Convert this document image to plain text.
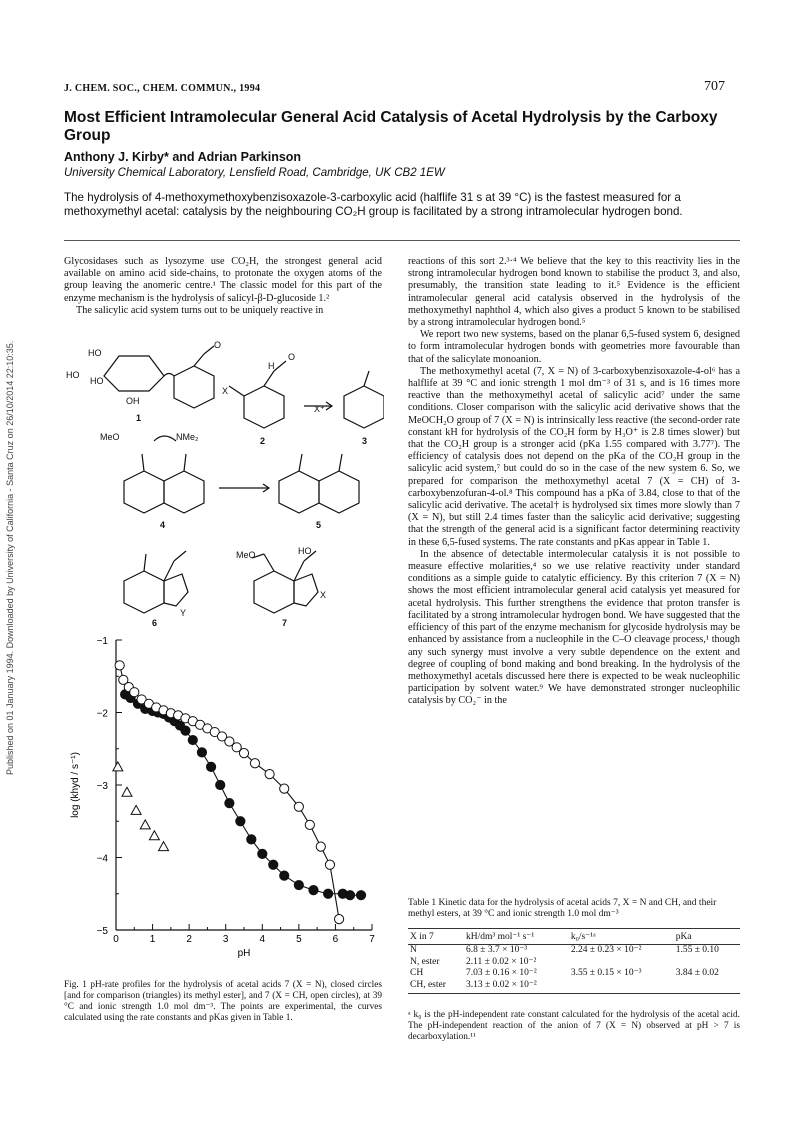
Published on 01 January 1994. Downloaded by University of California - Santa Cruz on 26/10/2014 22:10:35.
J. CHEM. SOC., CHEM. COMMUN., 1994	707
Most Efficient Intramolecular General Acid Catalysis of Acetal Hydrolysis by the Carboxy Group
Anthony J. Kirby* and Adrian Parkinson
University Chemical Laboratory, Lensfield Road, Cambridge, UK CB2 1EW
The hydrolysis of 4-methoxymethoxybenzisoxazole-3-carboxylic acid (halflife 31 s at 39 °C) is the fastest measured for a methoxymethyl acetal: catalysis by the neighbouring CO₂H group is facilitated by a strong intramolecular hydrogen bond.

Glycosidases such as lysozyme use CO₂H, the strongest general acid available on amino acid side-chains, to protonate the oxygen atoms of the group leaving the anomeric centre.¹ The classic model for this part of the enzyme mechanism is the hydrolysis of salicyl-β-D-glucoside 1.²

The salicylic acid system turns out to be uniquely reactive in

HO
HO
HO
OH
O
H
O
X
X⁺
MeO	NMe₂
MeO	HO
Y
X
1
2	3
4	5
6	7
0	1	2	3	4	5	6	7
−1
−2
−3
−4
−5
pH
log (khyd / s⁻¹)
Fig. 1 pH-rate profiles for the hydrolysis of acetal acids 7 (X = N), closed circles [and for comparison (triangles) its methyl ester], and 7 (X = CH, open circles), at 39 °C and ionic strength 1.0 mol dm⁻³. The points are experimental, the curves calculated using the rate constants and pKas given in Table 1.

reactions of this sort 2.³·⁴ We believe that the key to this reactivity lies in the strong intramolecular hydrogen bond known to stabilise the product 3, and also, presumably, the transition state leading to it.⁵ Evidence is the efficient intramolecular general acid catalysis observed in the hydrolysis of the methoxymethyl naphthol 4, which also gives a product 5 known to be stabilised by a strong intramolecular hydrogen bond.⁵

We report two new systems, based on the planar 6,5-fused system 6, designed to form intramolecular hydrogen bonds with geometries more favourable than that of the salicylate monoanion.

The methoxymethyl acetal (7, X = N) of 3-carboxybenzisoxazole-4-ol⁶ has a halflife at 39 °C and ionic strength 1 mol dm⁻³ of 31 s, and is 16 times more reactive than the methoxymethyl acetal of salicylic acid⁷ under the same conditions. Closer comparison with the salicylic acid derivative shows that the MeOCH₂O group of 7 (X = N) is intrinsically less reactive (the second-order rate constant kH for hydrolysis of the CO₂H form by H₃O⁺ is 2.8 times slower) but that the CO₂H group is a stronger acid (pKa 1.55 compared with 3.77⁷). The efficiency of catalysis does not depend on the pKa of the CO₂H group in the salicylic acid system,⁷ but could do so in the case of the new system 6. So, we prepared for comparison the methoxymethyl acetal 7 (X = CH) of 3-carboxybenzofuran-4-ol.⁸ This compound has a pKa of 3.84, close to that of the salicylic acid derivative. The acetal† is hydrolysed six times more slowly than 7 (X = N), but still 2.4 times faster than the salicylic acid derivative; suggesting that the strength of the general acid is a significant factor determining reactivity in these 6,5-fused systems. The rate constants and pKas appear in Table 1.

In the absence of detectable intermolecular catalysis it is not possible to measure effective molarities,⁴ so we use relative reactivity under standard conditions as a simple guide to catalytic efficiency. By this criterion 7 (X = N) shows the most efficient intramolecular general acid catalysis yet measured for acetal hydrolysis. This further strengthens the evidence that proton transfer is facilitated by a strong intramolecular hydrogen bond. We have suggested that the efficiency of this part of the enzyme mechanism for glycoside hydrolysis may be enhanced by assistance from a nucleophile in the C–O cleavage process,¹ though any such synergy must involve a very subtle dependence on the extent and degree of coupling of bond making and bond breaking. In the hydrolysis of the methoxymethyl acetals discussed here there is expected to be weak nucleophilic participation by solvent water.⁹ We have demonstrated stronger nucleophilic catalysis by CO₂⁻ in the

Table 1 Kinetic data for the hydrolysis of acetal acids 7, X = N and CH, and their methyl esters, at 39 °C and ionic strength 1.0 mol dm⁻³
X in 7	kH/dm³ mol⁻¹ s⁻¹	k₀/s⁻¹ᵃ	pKa
N	6.8 ± 3.7 × 10⁻³	2.24 ± 0.23 × 10⁻²	1.55 ± 0.10
N, ester	2.11 ± 0.02 × 10⁻²		
CH	7.03 ± 0.16 × 10⁻²	3.55 ± 0.15 × 10⁻³	3.84 ± 0.02
CH, ester	3.13 ± 0.02 × 10⁻²		
ᵃ k₀ is the pH-independent rate constant calculated for the hydrolysis of the acetal acid. The pH-independent reaction of the anion of 7 (X = N) observed at pH > 7 is decarboxylation.¹¹
